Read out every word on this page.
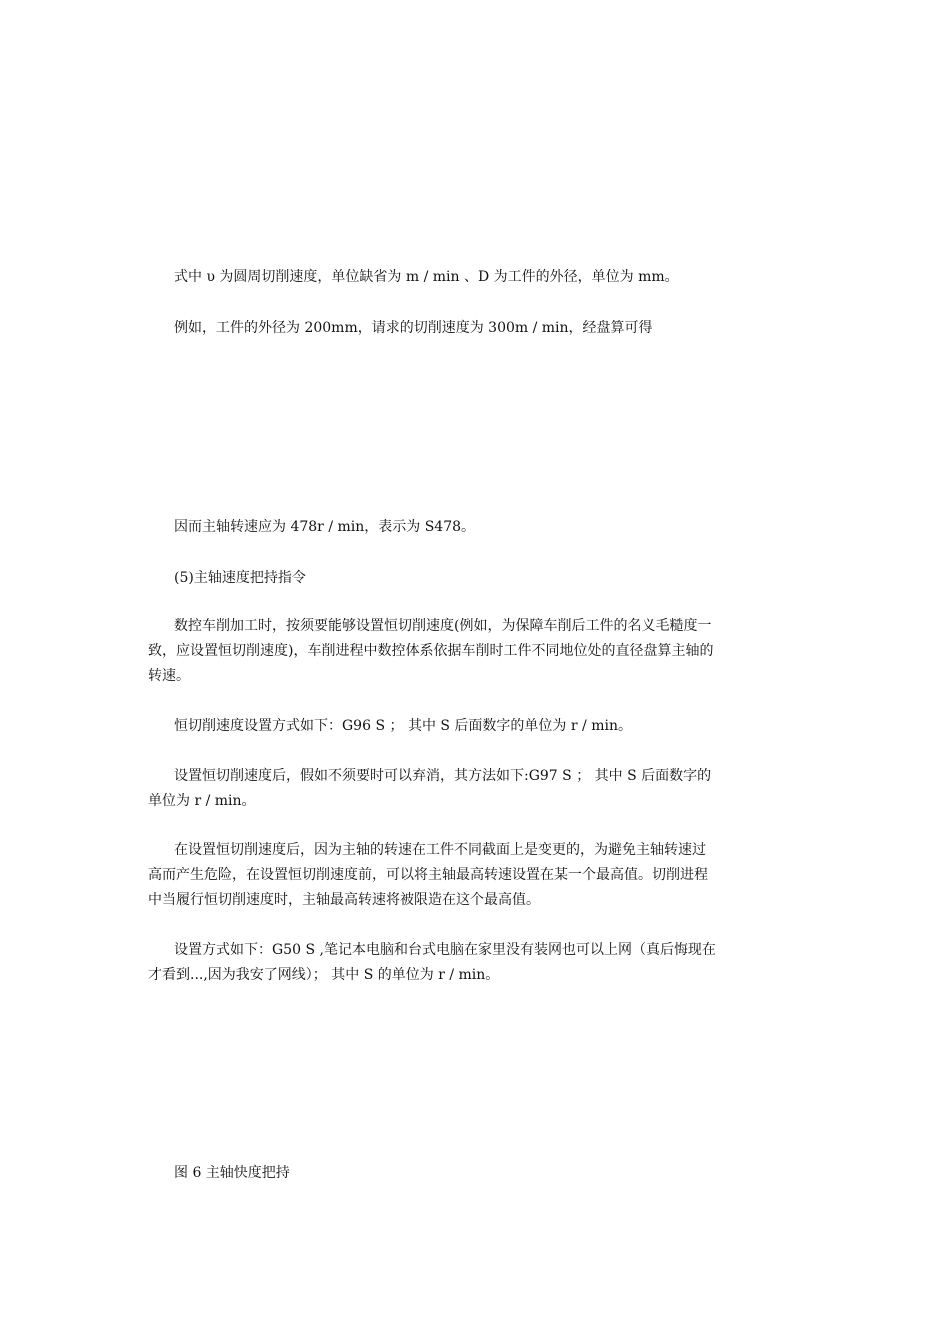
式中 υ 为圆周切削速度，单位缺省为 m / min 、D 为工件的外径，单位为 mm。

例如，工件的外径为 200mm，请求的切削速度为 300m / min，经盘算可得

因而主轴转速应为 478r / min，表示为 S478。

(5)主轴速度把持指令

数控车削加工时，按须要能够设置恒切削速度(例如，为保障车削后工件的名义毛糙度一
致，应设置恒切削速度)，车削进程中数控体系依据车削时工件不同地位处的直径盘算主轴的
转速。

恒切削速度设置方式如下：G96 S ； 其中 S 后面数字的单位为 r / min。

设置恒切削速度后，假如不须要时可以弃消，其方法如下:G97 S ； 其中 S 后面数字的
单位为 r / min。
在设置恒切削速度后，因为主轴的转速在工件不同截面上是变更的，为避免主轴转速过
高而产生危险，在设置恒切削速度前，可以将主轴最高转速设置在某一个最高值。切削进程
中当履行恒切削速度时，主轴最高转速将被限造在这个最高值。
设置方式如下：G50 S ,笔记本电脑和台式电脑在家里没有装网也可以上网（真后悔现在
才看到...,因为我安了网线）； 其中 S 的单位为 r / min。

图 6 主轴快度把持
